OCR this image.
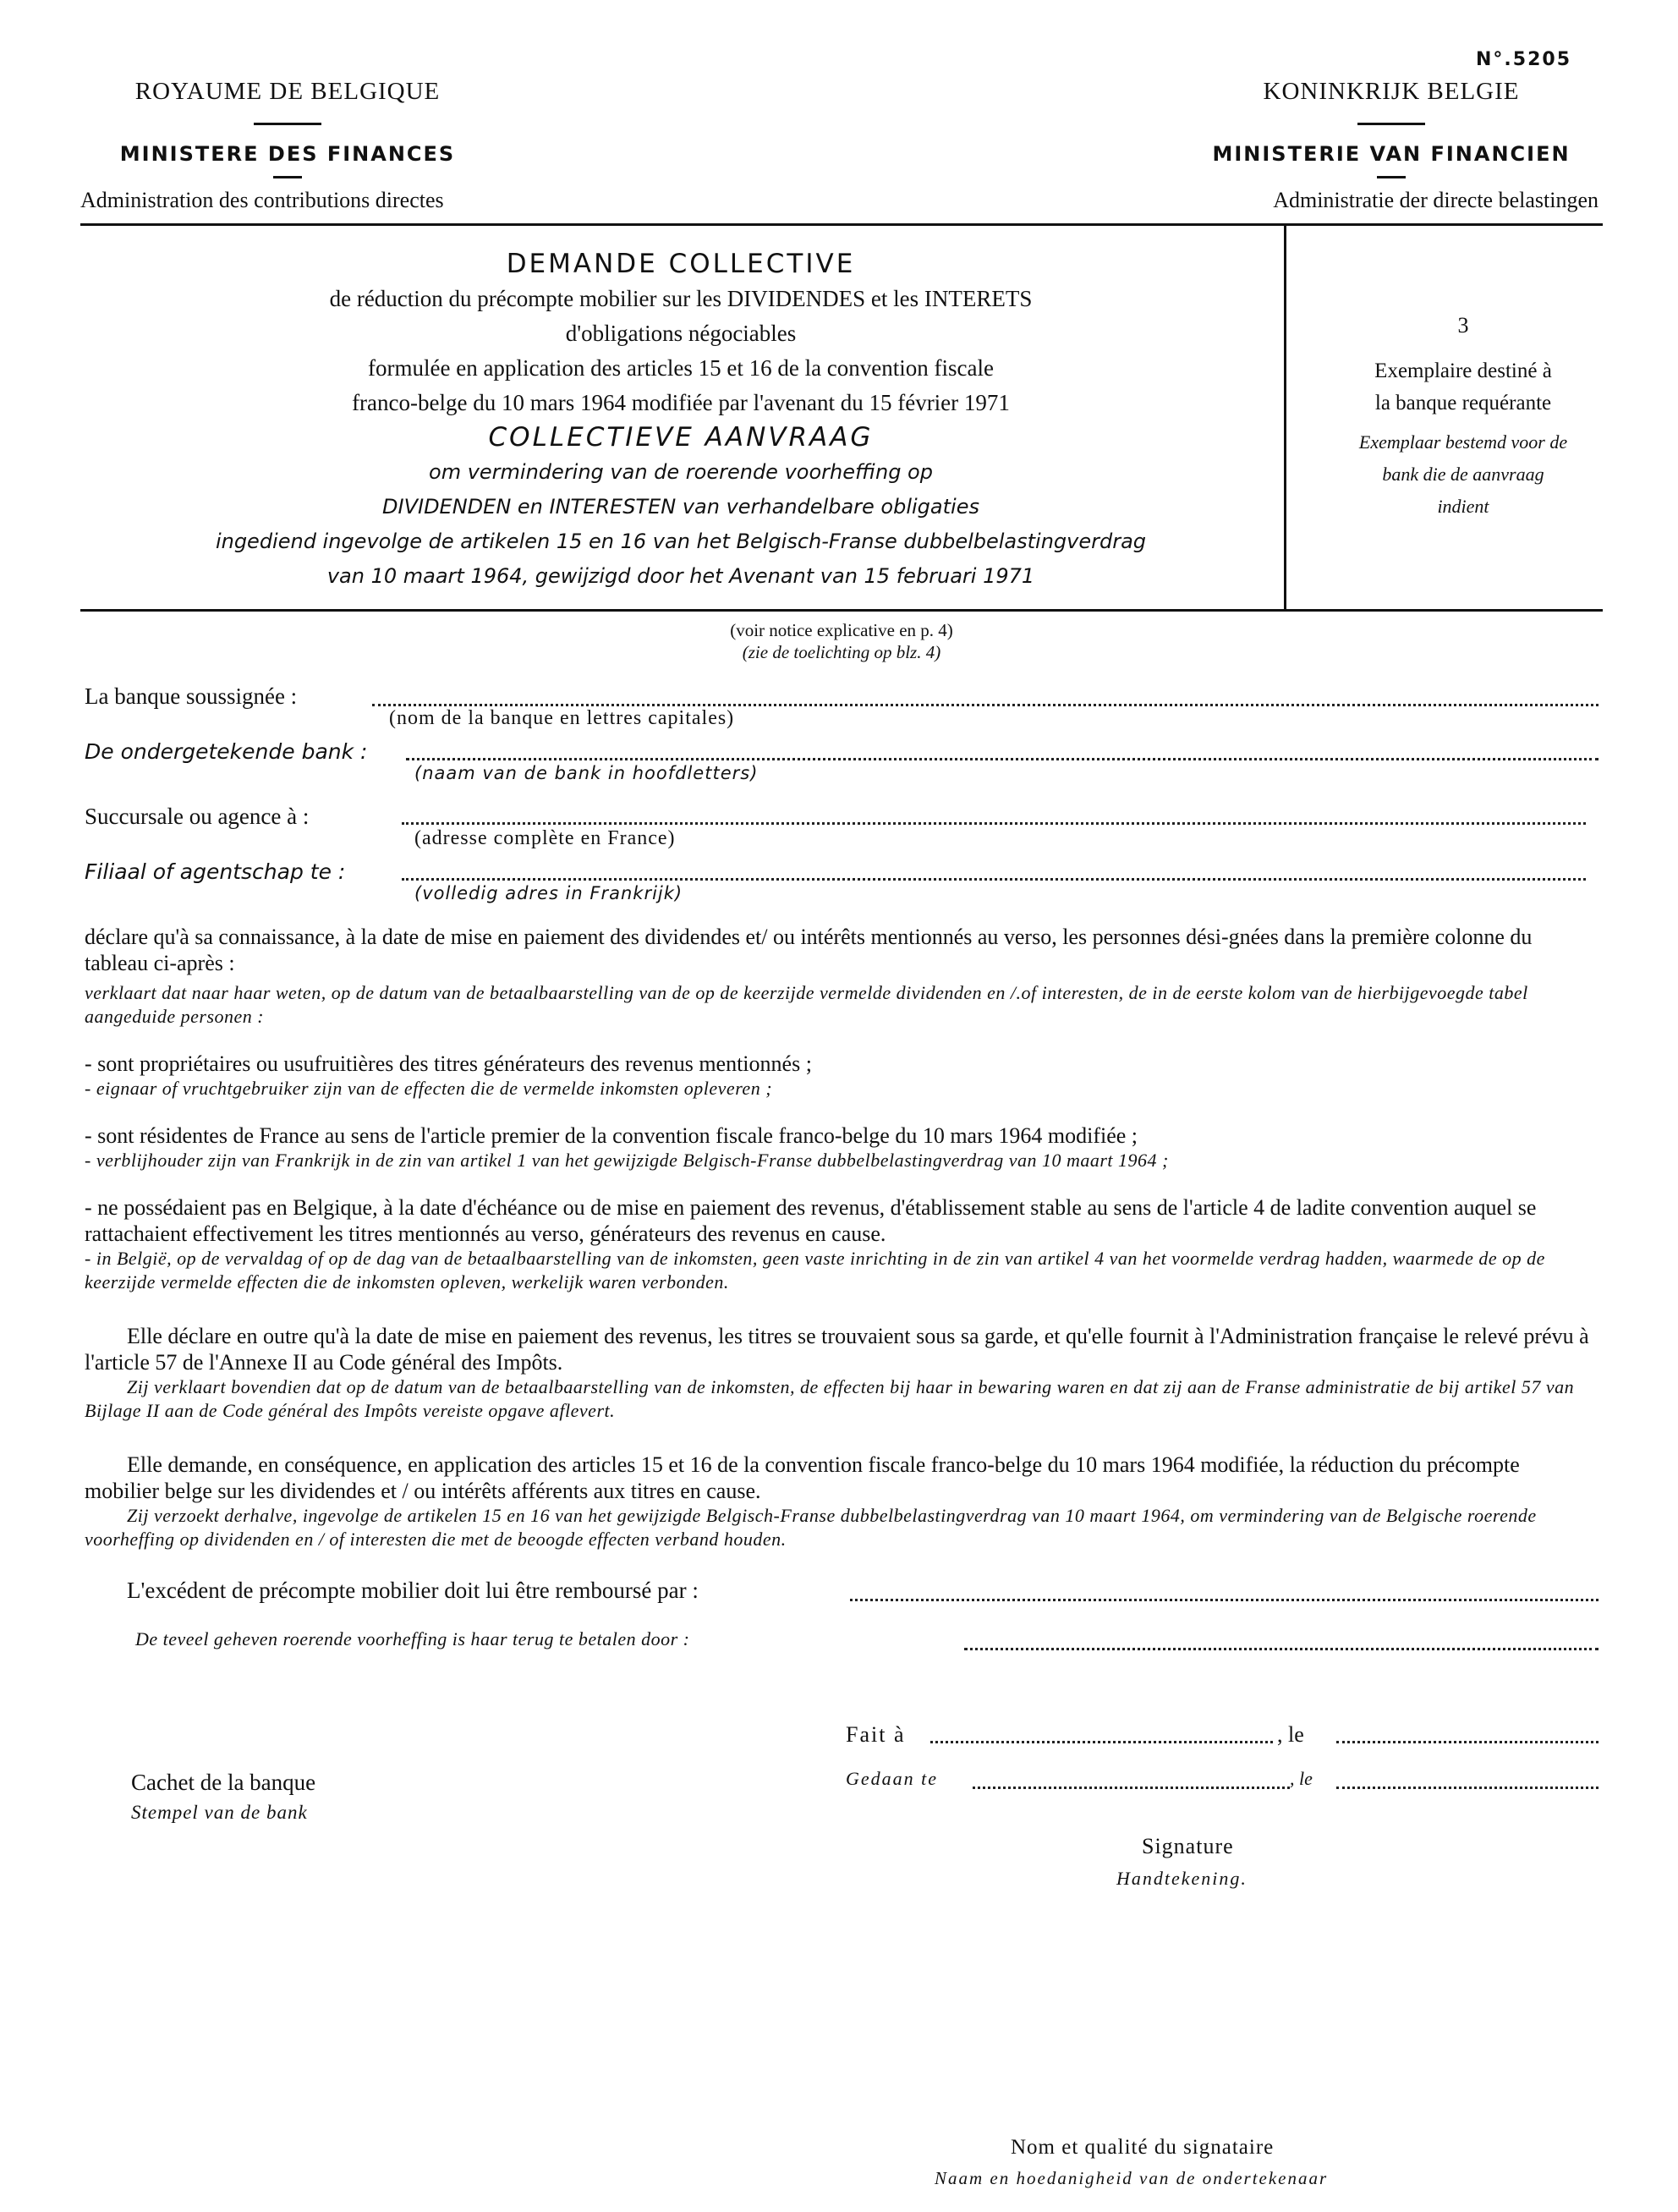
N°.5205
ROYAUME DE BELGIQUE
MINISTERE DES FINANCES
Administration des contributions directes
KONINKRIJK BELGIE
MINISTERIE VAN FINANCIEN
Administratie der directe belastingen
DEMANDE COLLECTIVE
de réduction du précompte mobilier sur les DIVIDENDES et les INTERETS
d'obligations négociables
formulée en application des articles 15 et 16 de la convention fiscale
franco-belge du 10 mars 1964 modifiée par l'avenant du 15 février 1971
COLLECTIEVE AANVRAAG
om vermindering van de roerende voorheffing op
DIVIDENDEN en INTERESTEN van verhandelbare obligaties
ingediend ingevolge de artikelen 15 en 16 van het Belgisch-Franse dubbelbelastingverdrag
van 10 maart 1964, gewijzigd door het Avenant van 15 februari 1971
3
Exemplaire destiné à
la banque requérante
Exemplaar bestemd voor de
bank die de aanvraag
indient
(voir notice explicative en p. 4)
(zie de toelichting op blz. 4)
La banque soussignée :
(nom de la banque en lettres capitales)
De ondergetekende bank :
(naam van de bank in hoofdletters)
Succursale ou agence à :
(adresse complète en France)
Filiaal of agentschap te :
(volledig adres in Frankrijk)

déclare qu'à sa connaissance, à la date de mise en paiement des dividendes et/ ou intérêts mentionnés au verso, les personnes dési-gnées dans la première colonne du tableau ci-après :

verklaart dat naar haar weten, op de datum van de betaalbaarstelling van de op de keerzijde vermelde dividenden en /.of interesten, de in de eerste kolom van de hierbijgevoegde tabel aangeduide personen :

- sont propriétaires ou usufruitières des titres générateurs des revenus mentionnés ;

- eignaar of vruchtgebruiker zijn van de effecten die de vermelde inkomsten opleveren ;

- sont résidentes de France au sens de l'article premier de la convention fiscale franco-belge du 10 mars 1964 modifiée ;

- verblijhouder zijn van Frankrijk in de zin van artikel 1 van het gewijzigde Belgisch-Franse dubbelbelastingverdrag van 10 maart 1964 ;

- ne possédaient pas en Belgique, à la date d'échéance ou de mise en paiement des revenus, d'établissement stable au sens de l'article 4 de ladite convention auquel se rattachaient effectivement les titres mentionnés au verso, générateurs des revenus en cause.

- in België, op de vervaldag of op de dag van de betaalbaarstelling van de inkomsten, geen vaste inrichting in de zin van artikel 4 van het voormelde verdrag hadden, waarmede de op de keerzijde vermelde effecten die de inkomsten opleven, werkelijk waren verbonden.

Elle déclare en outre qu'à la date de mise en paiement des revenus, les titres se trouvaient sous sa garde, et qu'elle fournit à l'Administration française le relevé prévu à l'article 57 de l'Annexe II au Code général des Impôts.

Zij verklaart bovendien dat op de datum van de betaalbaarstelling van de inkomsten, de effecten bij haar in bewaring waren en dat zij aan de Franse administratie de bij artikel 57 van Bijlage II aan de Code général des Impôts vereiste opgave aflevert.

Elle demande, en conséquence, en application des articles 15 et 16 de la convention fiscale franco-belge du 10 mars 1964 modifiée, la réduction du précompte mobilier belge sur les dividendes et / ou intérêts afférents aux titres en cause.

Zij verzoekt derhalve, ingevolge de artikelen 15 en 16 van het gewijzigde Belgisch-Franse dubbelbelastingverdrag van 10 maart 1964, om vermindering van de Belgische roerende voorheffing op dividenden en / of interesten die met de beoogde effecten verband houden.

L'excédent de précompte mobilier doit lui être remboursé par :
De teveel geheven roerende voorheffing is haar terug te betalen door :
Fait à	, le
Gedaan te	, le
Cachet de la banque
Stempel van de bank
Signature
Handtekening.
Nom et qualité du signataire
Naam en hoedanigheid van de ondertekenaar
